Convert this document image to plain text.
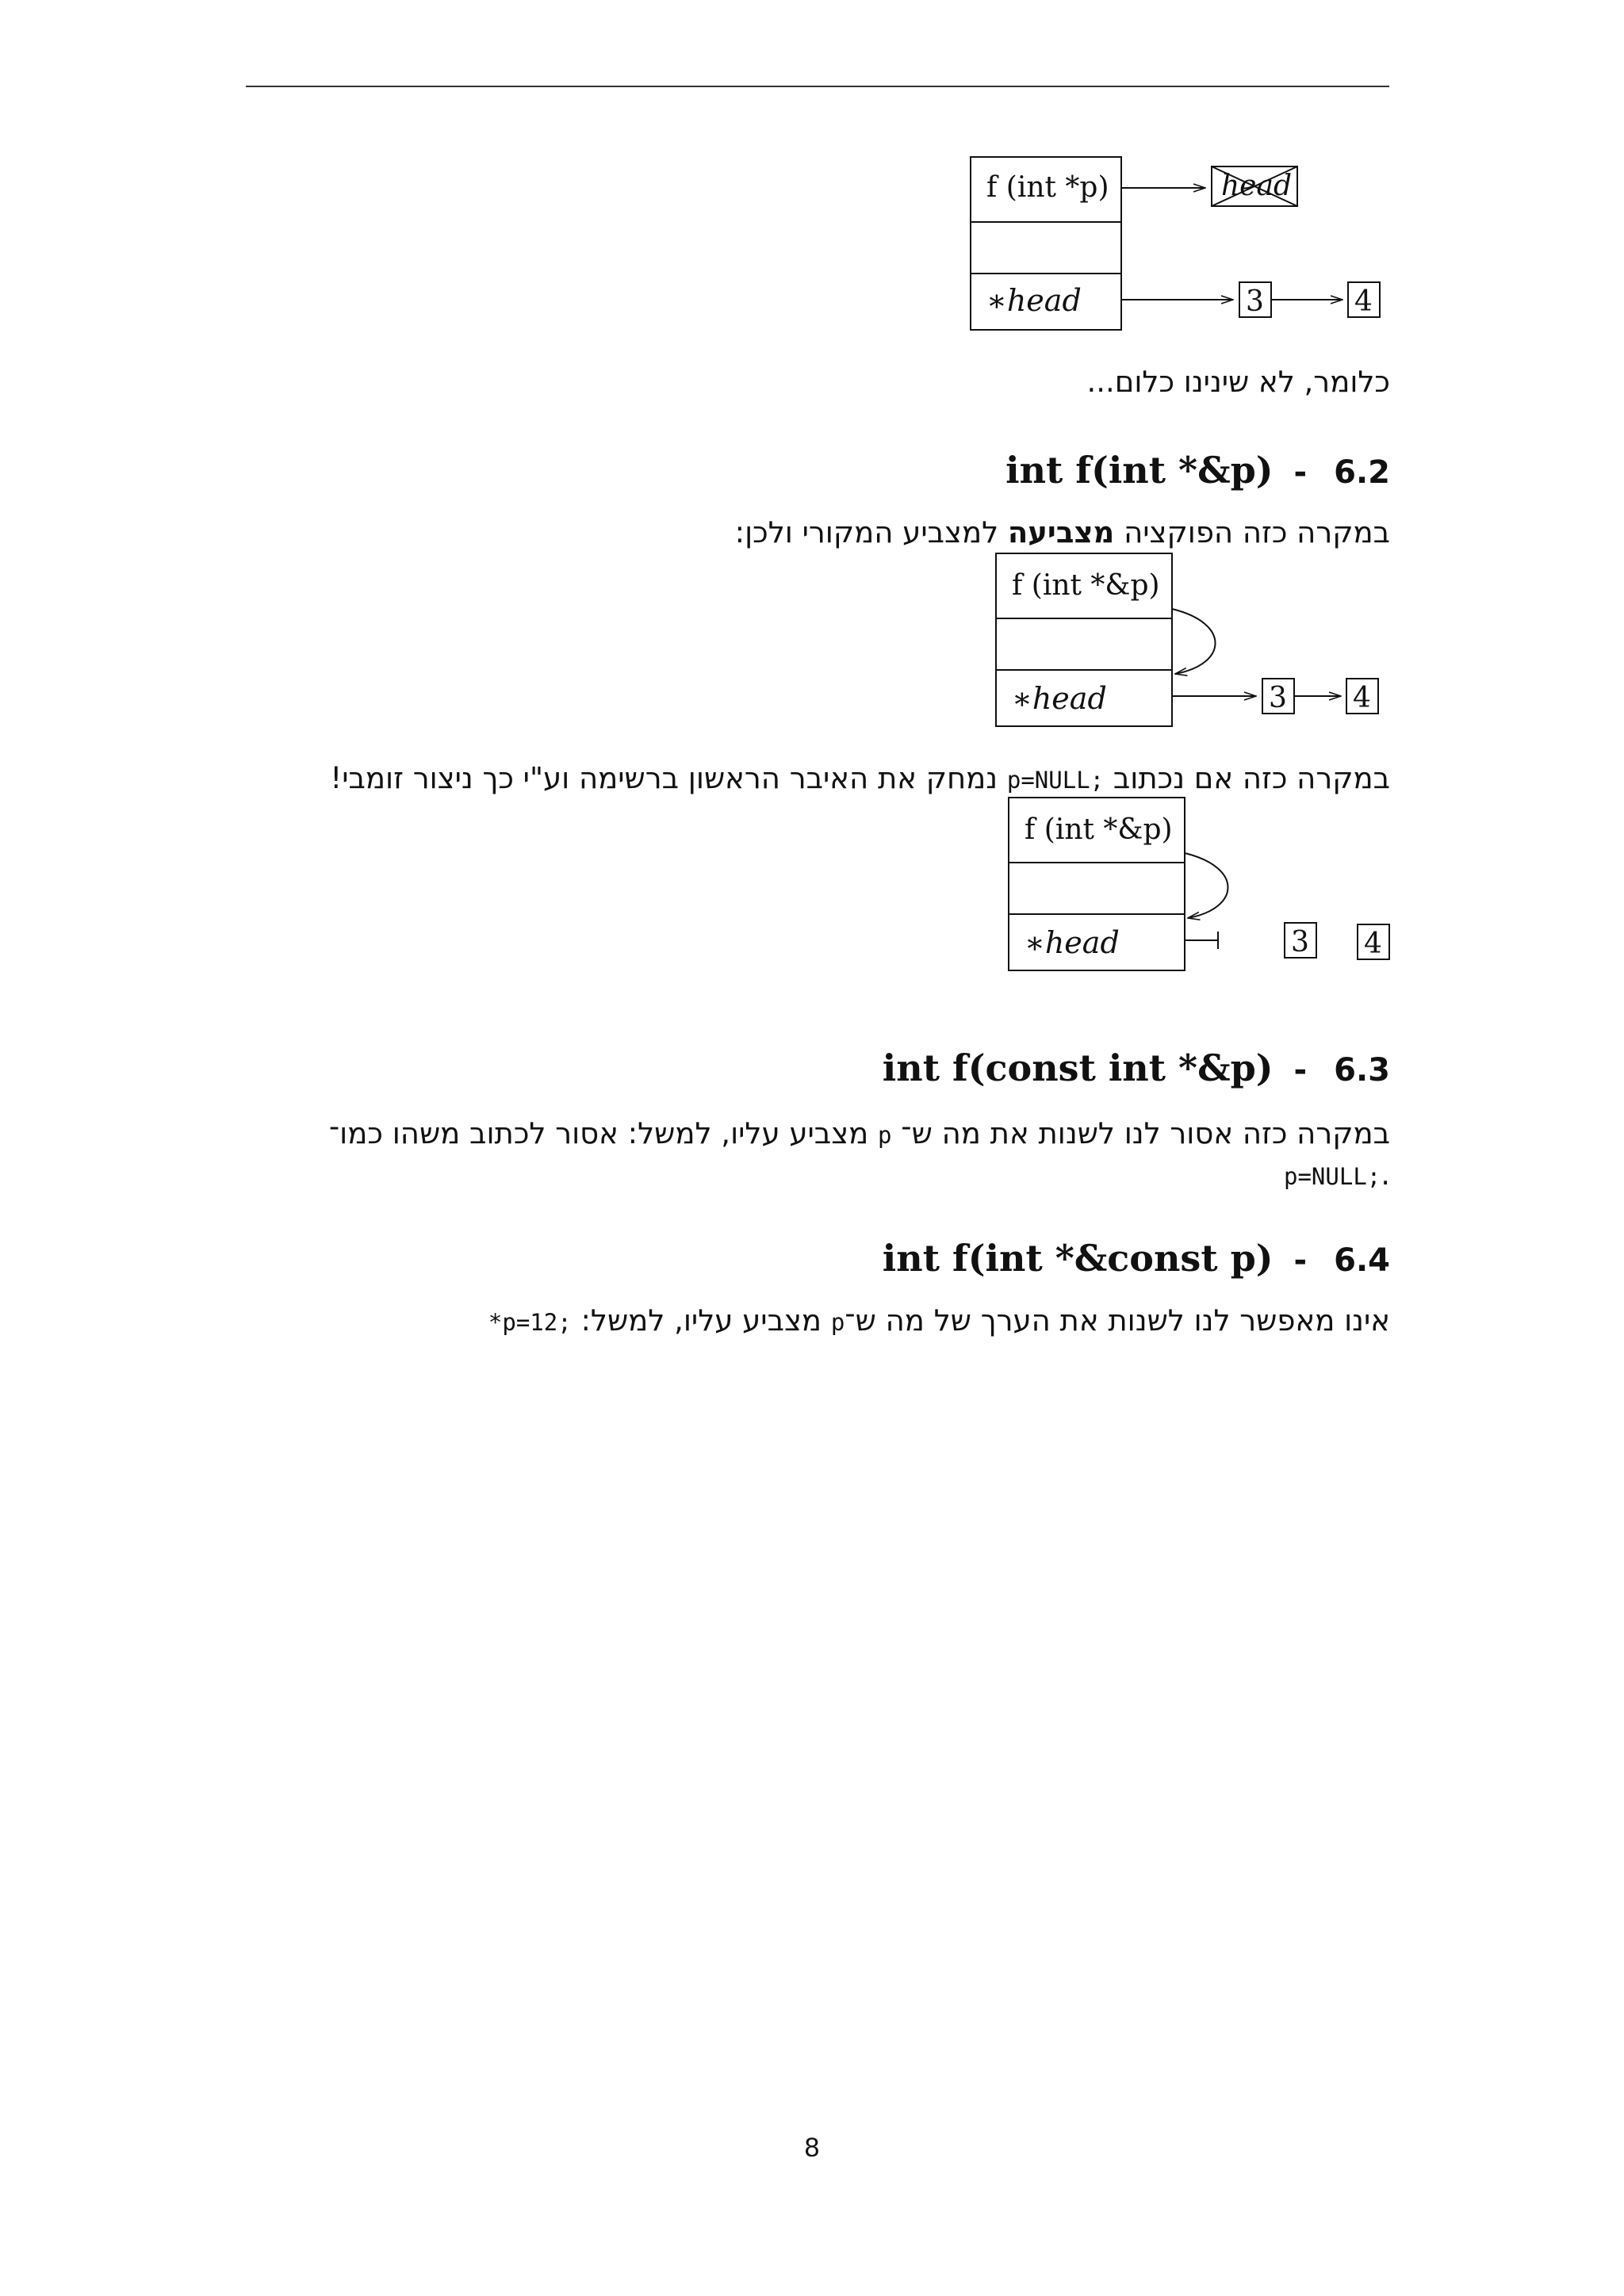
f (int *p)
∗head
head
3	4
f (int *&p)
∗head	3 4
f (int *&p)
∗head	3 4
כלומר, לא שינינו כלום...
int f(int *&p) - 6.2
במקרה כזה הפוקציה מצביעה למצביע המקורי ולכן:
במקרה כזה אם נכתוב p=NULL; נמחק את האיבר הראשון ברשימה וע"י כך ניצור זומבי!
int f(const int *&p) - 6.3
במקרה כזה אסור לנו לשנות את מה ש־ p מצביע עליו, למשל: אסור לכתוב משהו כמו־
p=NULL;.
int f(int *&const p) - 6.4
אינו מאפשר לנו לשנות את הערך של מה ש־p מצביע עליו, למשל: *p=12;
8
